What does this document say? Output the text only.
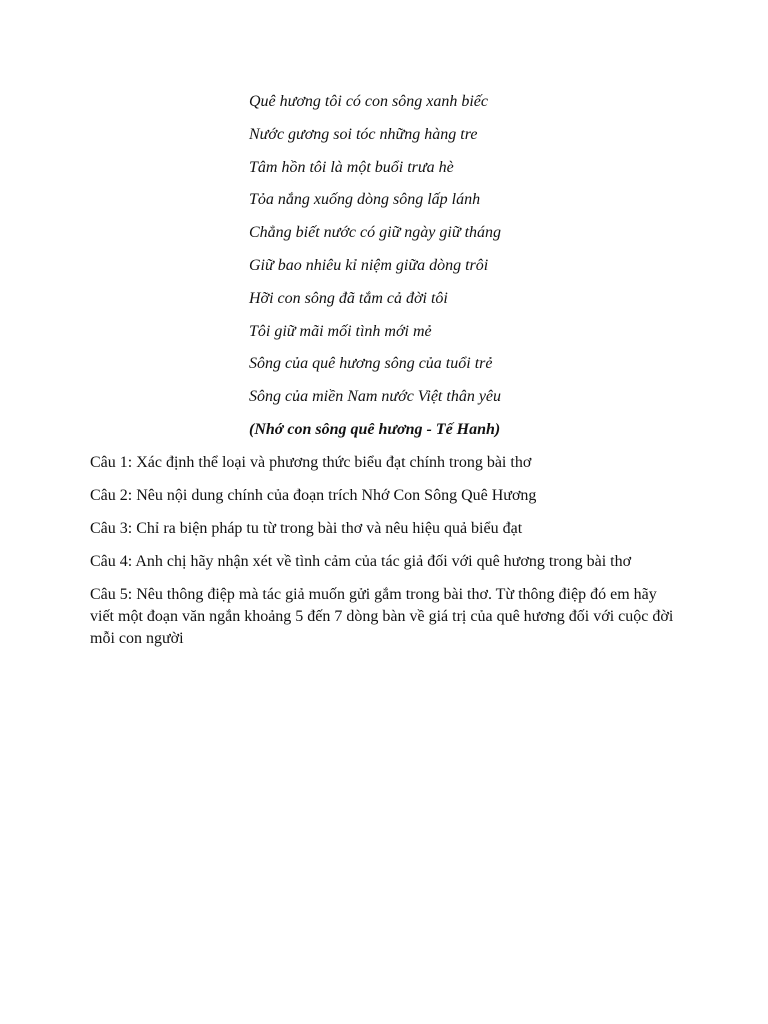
Quê hương tôi có con sông xanh biếc

Nước gương soi tóc những hàng tre

Tâm hồn tôi là một buổi trưa hè

Tỏa nắng xuống dòng sông lấp lánh

Chẳng biết nước có giữ ngày giữ tháng

Giữ bao nhiêu kỉ niệm giữa dòng trôi

Hỡi con sông đã tắm cả đời tôi

Tôi giữ mãi mối tình mới mẻ

Sông của quê hương sông của tuổi trẻ

Sông của miền Nam nước Việt thân yêu

(Nhớ con sông quê hương - Tế Hanh)

Câu 1: Xác định thể loại và phương thức biểu đạt chính trong bài thơ

Câu 2: Nêu nội dung chính của đoạn trích Nhớ Con Sông Quê Hương

Câu 3: Chỉ ra biện pháp tu từ trong bài thơ và nêu hiệu quả biểu đạt

Câu 4: Anh chị hãy nhận xét về tình cảm của tác giả đối với quê hương trong bài thơ

Câu 5: Nêu thông điệp mà tác giả muốn gửi gắm trong bài thơ. Từ thông điệp đó em hãy viết một đoạn văn ngắn khoảng 5 đến 7 dòng bàn về giá trị của quê hương đối với cuộc đời mỗi con người
